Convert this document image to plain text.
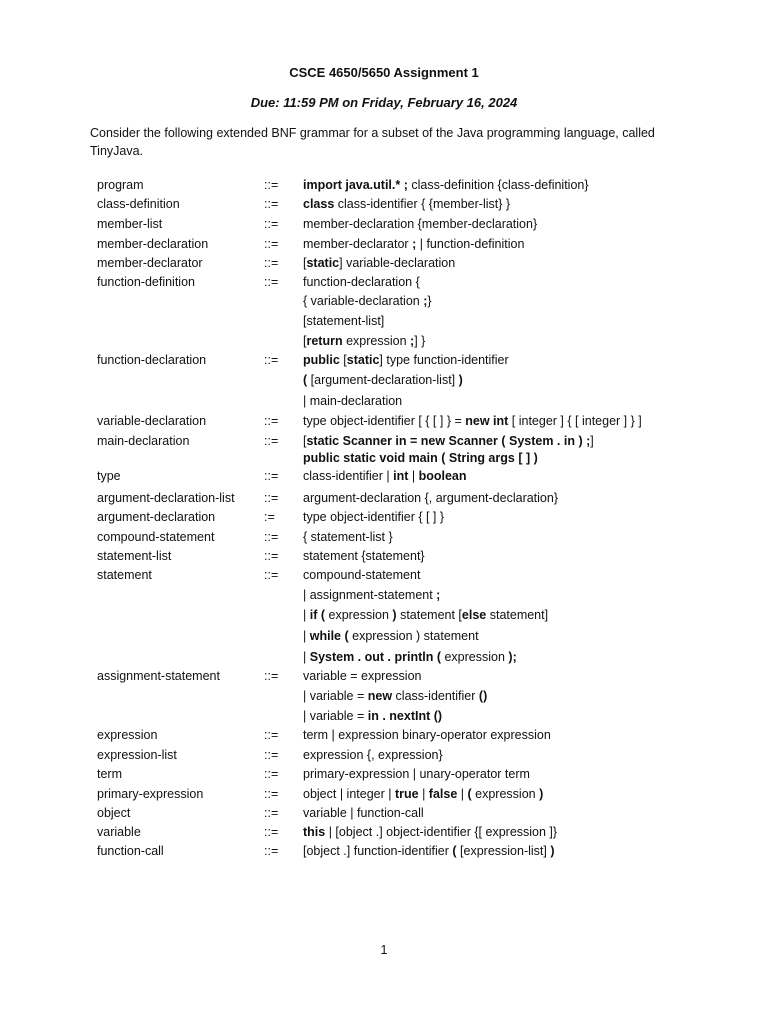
CSCE 4650/5650 Assignment 1
Due: 11:59 PM on Friday, February 16, 2024
Consider the following extended BNF grammar for a subset of the Java programming language, called TinyJava.
program	::= import java.util.* ; class-definition {class-definition}
class-definition	::= class class-identifier { {member-list} }
member-list	::= member-declaration {member-declaration}
member-declaration	::= member-declarator ; | function-definition
member-declarator	::= [static] variable-declaration
function-definition	::= function-declaration {
{ variable-declaration ;}
[statement-list]
[return expression ;] }
function-declaration	::= public [static] type function-identifier
( [argument-declaration-list] )
| main-declaration
variable-declaration	::= type object-identifier [ { [ ] } = new int [ integer ] { [ integer ] } ]
main-declaration	::= [static Scanner in = new Scanner ( System . in ) ;]
public static void main ( String args [ ] )
type	::= class-identifier | int | boolean
argument-declaration-list ::= argument-declaration {, argument-declaration}
argument-declaration	:= type object-identifier { [ ] }
compound-statement	::= { statement-list }
statement-list	::= statement {statement}
statement	::= compound-statement
| assignment-statement ;
| if ( expression ) statement [else statement]
| while ( expression ) statement
| System . out . println ( expression );
assignment-statement	::= variable = expression
| variable = new class-identifier ()
| variable = in . nextInt ()
expression	::= term | expression binary-operator expression
expression-list	::= expression {, expression}
term	::= primary-expression | unary-operator term
primary-expression	::= object | integer | true | false | ( expression )
object	::= variable | function-call
variable	::= this | [object .] object-identifier {[ expression ]}
function-call	::= [object .] function-identifier ( [expression-list] )
1
